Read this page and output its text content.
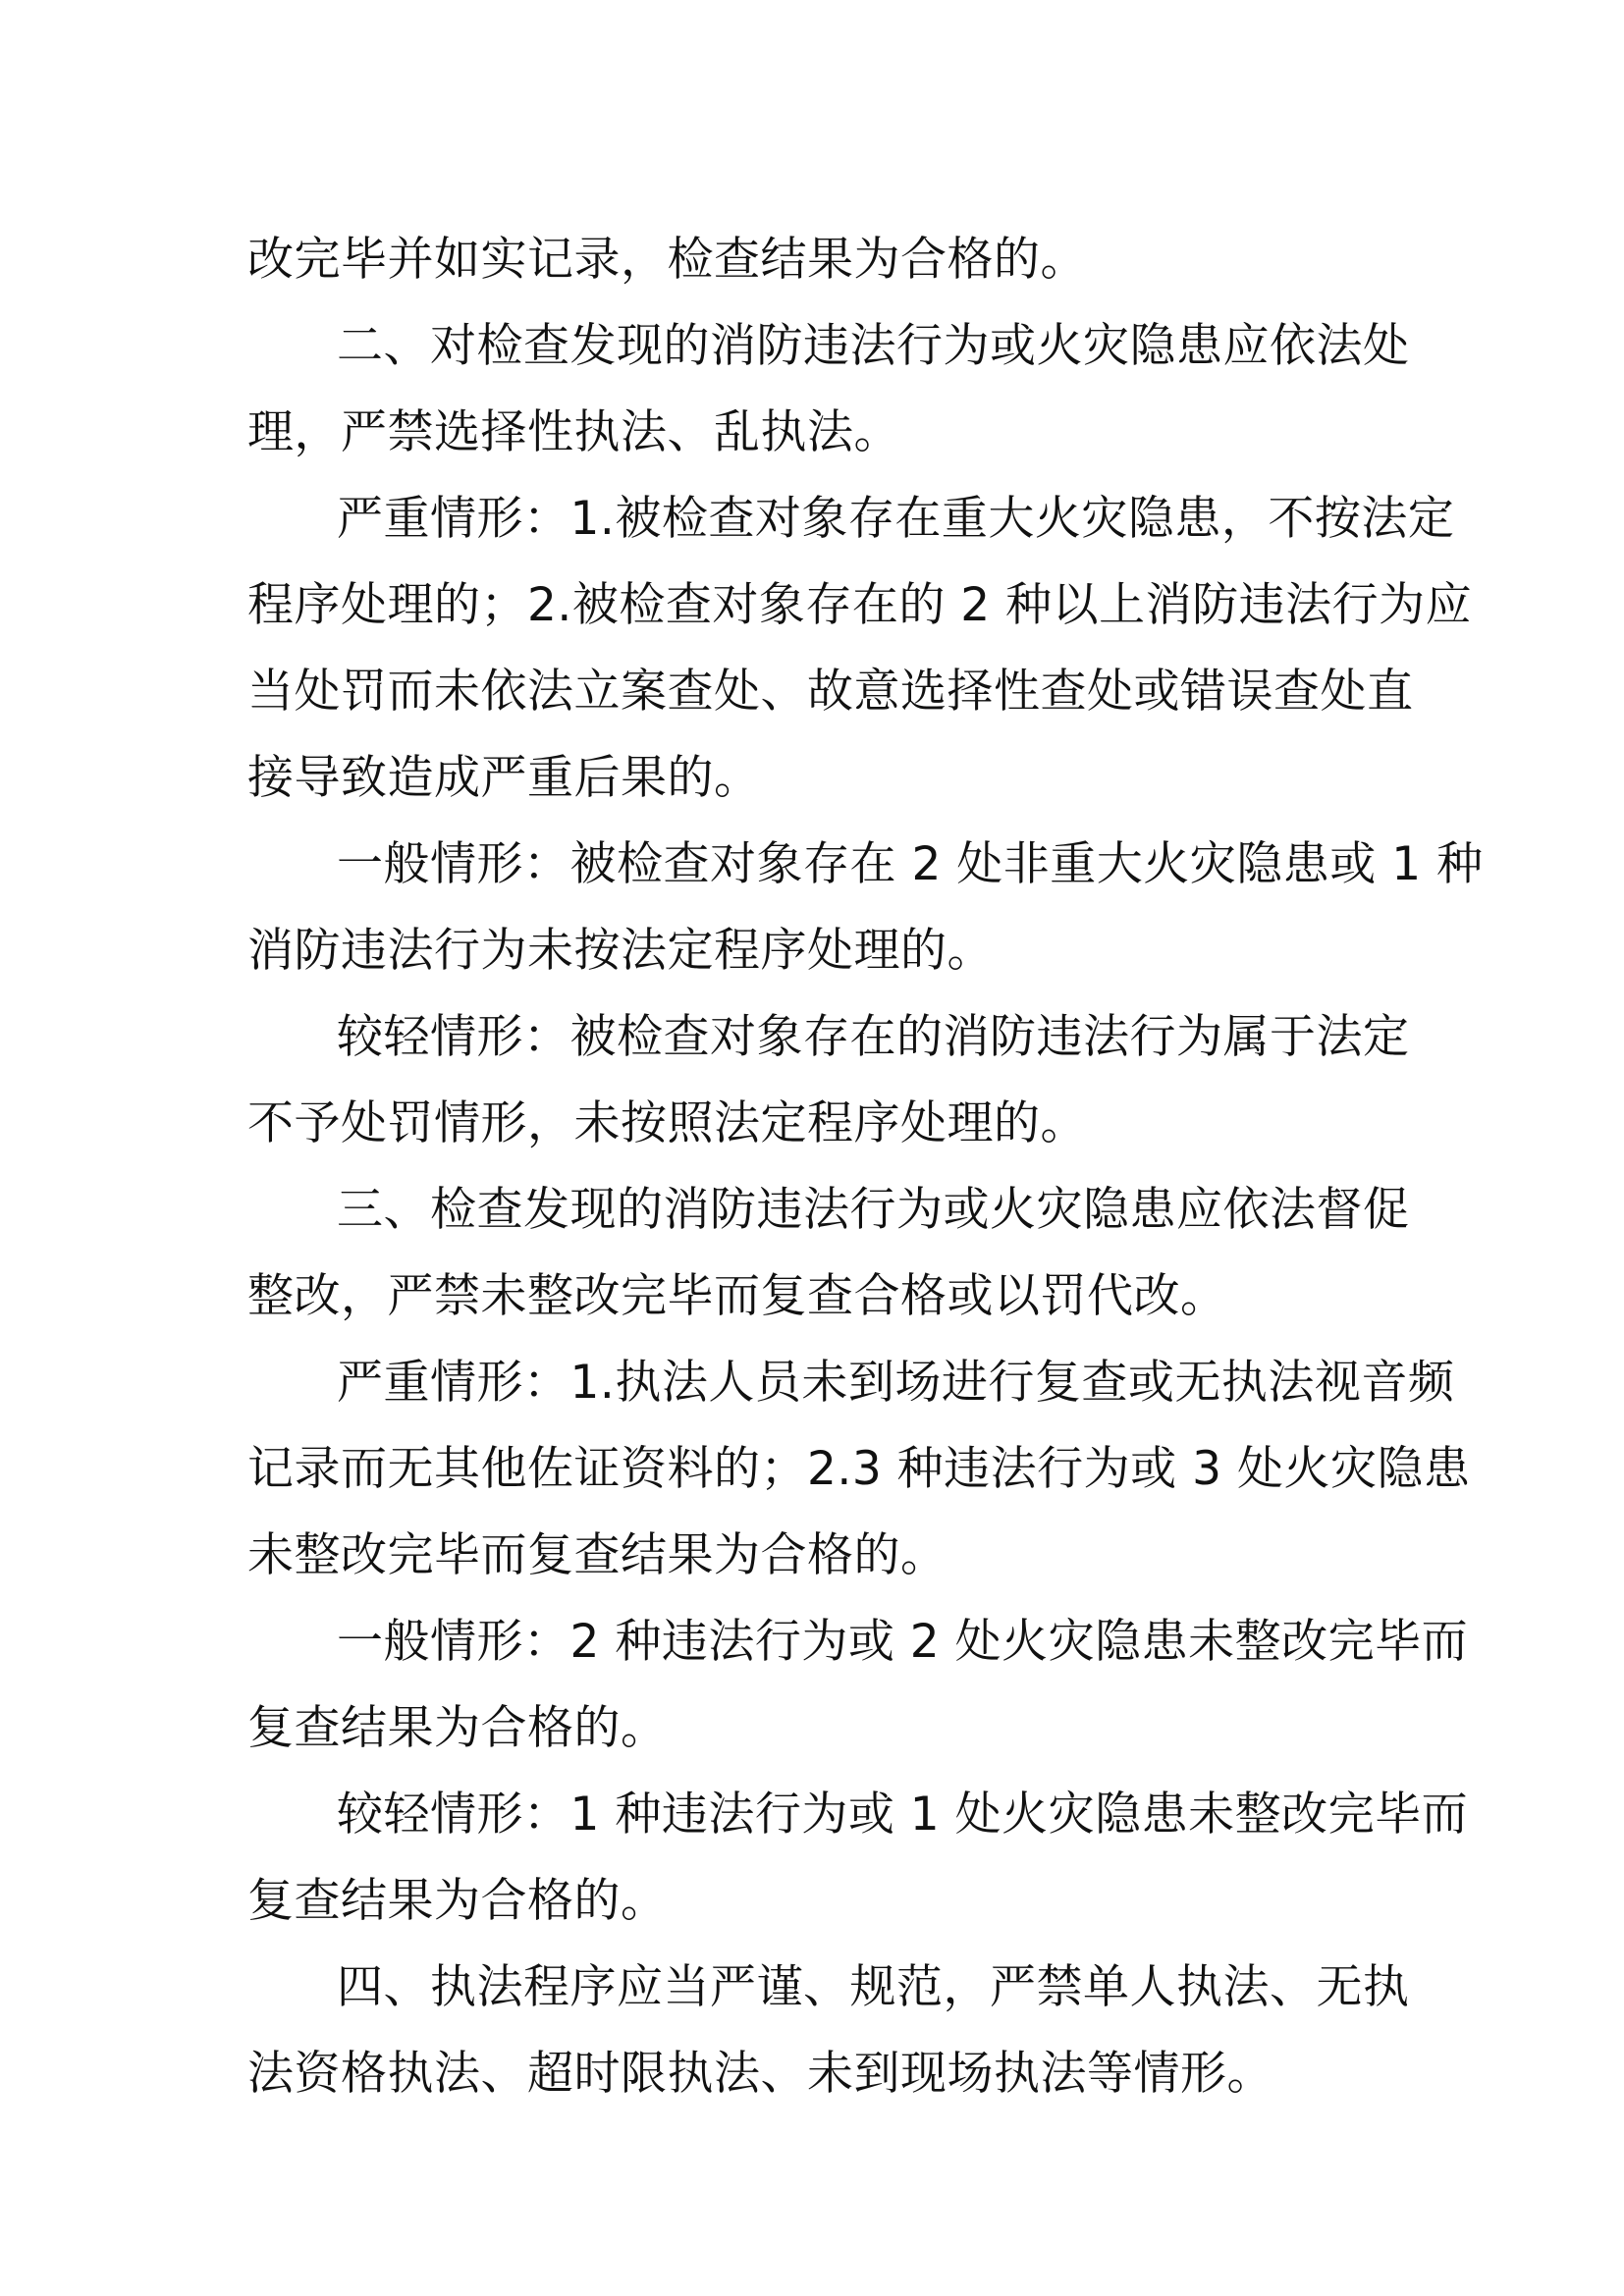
改完毕并如实记录，检查结果为合格的。
二、对检查发现的消防违法行为或火灾隐患应依法处
理，严禁选择性执法、乱执法。
严重情形：1.被检查对象存在重大火灾隐患，不按法定
程序处理的；2.被检查对象存在的 2 种以上消防违法行为应
当处罚而未依法立案查处、故意选择性查处或错误查处直
接导致造成严重后果的。
一般情形：被检查对象存在 2 处非重大火灾隐患或 1 种
消防违法行为未按法定程序处理的。
较轻情形：被检查对象存在的消防违法行为属于法定
不予处罚情形，未按照法定程序处理的。
三、检查发现的消防违法行为或火灾隐患应依法督促
整改，严禁未整改完毕而复查合格或以罚代改。
严重情形：1.执法人员未到场进行复查或无执法视音频
记录而无其他佐证资料的；2.3 种违法行为或 3 处火灾隐患
未整改完毕而复查结果为合格的。
一般情形：2 种违法行为或 2 处火灾隐患未整改完毕而
复查结果为合格的。
较轻情形：1 种违法行为或 1 处火灾隐患未整改完毕而
复查结果为合格的。
四、执法程序应当严谨、规范，严禁单人执法、无执
法资格执法、超时限执法、未到现场执法等情形。
